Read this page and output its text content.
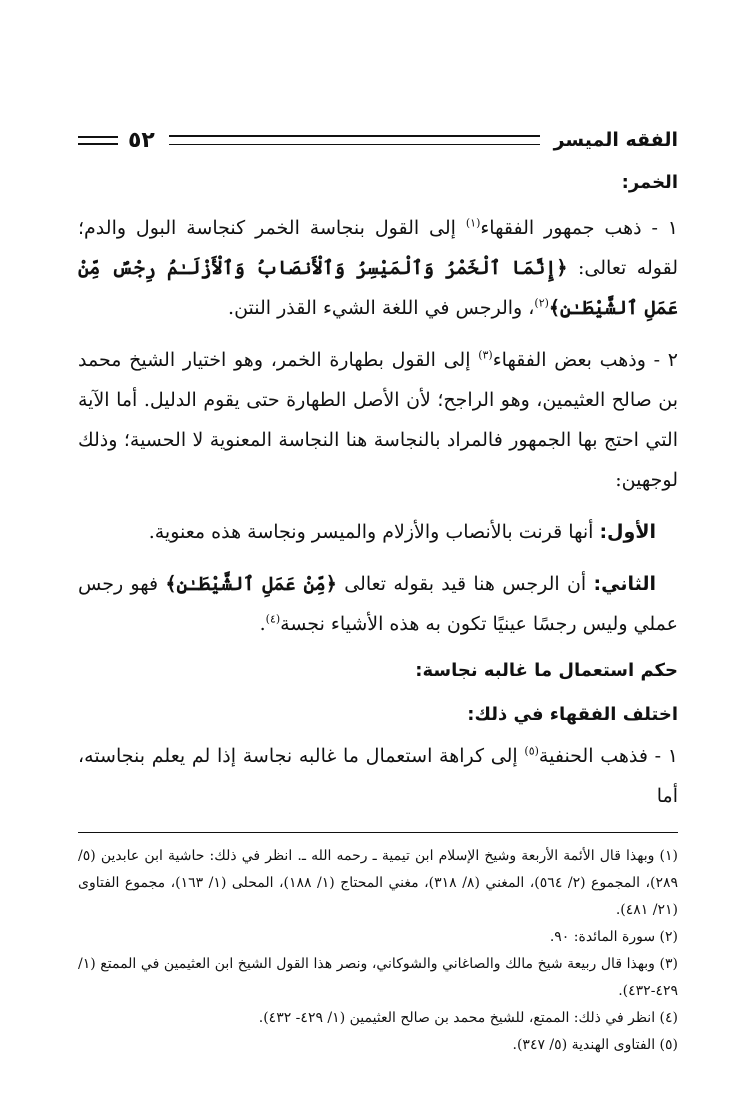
الفقه الميسر
٥٢
الخمر:

١ - ذهب جمهور الفقهاء$^{(١)}$ إلى القول بنجاسة الخمر كنجاسة البول والدم؛ لقوله تعالى: ﴿إِنَّمَا ٱلْخَمْرُ وَٱلْمَيْسِرُ وَٱلْأَنصَابُ وَٱلْأَزْلَـٰمُ رِجْسٌ مِّنْ عَمَلِ ٱلشَّيْطَـٰنِ﴾$^{(٢)}$، والرجس في اللغة الشيء القذر النتن.

٢ - وذهب بعض الفقهاء$^{(٣)}$ إلى القول بطهارة الخمر، وهو اختيار الشيخ محمد بن صالح العثيمين، وهو الراجح؛ لأن الأصل الطهارة حتى يقوم الدليل. أما الآية التي احتج بها الجمهور فالمراد بالنجاسة هنا النجاسة المعنوية لا الحسية؛ وذلك لوجهين:

الأول: أنها قرنت بالأنصاب والأزلام والميسر ونجاسة هذه معنوية.

الثاني: أن الرجس هنا قيد بقوله تعالى ﴿مِّنْ عَمَلِ ٱلشَّيْطَـٰنِ﴾ فهو رجس عملي وليس رجسًا عينيًا تكون به هذه الأشياء نجسة$^{(٤)}$.

حكم استعمال ما غالبه نجاسة:
اختلف الفقهاء في ذلك:

١ - فذهب الحنفية$^{(٥)}$ إلى كراهة استعمال ما غالبه نجاسة إذا لم يعلم بنجاسته، أما

(١) وبهذا قال الأئمة الأربعة وشيخ الإسلام ابن تيمية ـ رحمه الله ـ. انظر في ذلك: حاشية ابن عابدين (٥/ ٢٨٩)، المجموع (٢/ ٥٦٤)، المغني (٨/ ٣١٨)، مغني المحتاج (١/ ١٨٨)، المحلى (١/ ١٦٣)، مجموع الفتاوى (٢١/ ٤٨١).

(٢) سورة المائدة: ٩٠.

(٣) وبهذا قال ربيعة شيخ مالك والصاغاني والشوكاني، ونصر هذا القول الشيخ ابن العثيمين في الممتع (١/ ٤٢٩-٤٣٢).

(٤) انظر في ذلك: الممتع، للشيخ محمد بن صالح العثيمين (١/ ٤٢٩- ٤٣٢).

(٥) الفتاوى الهندية (٥/ ٣٤٧).
